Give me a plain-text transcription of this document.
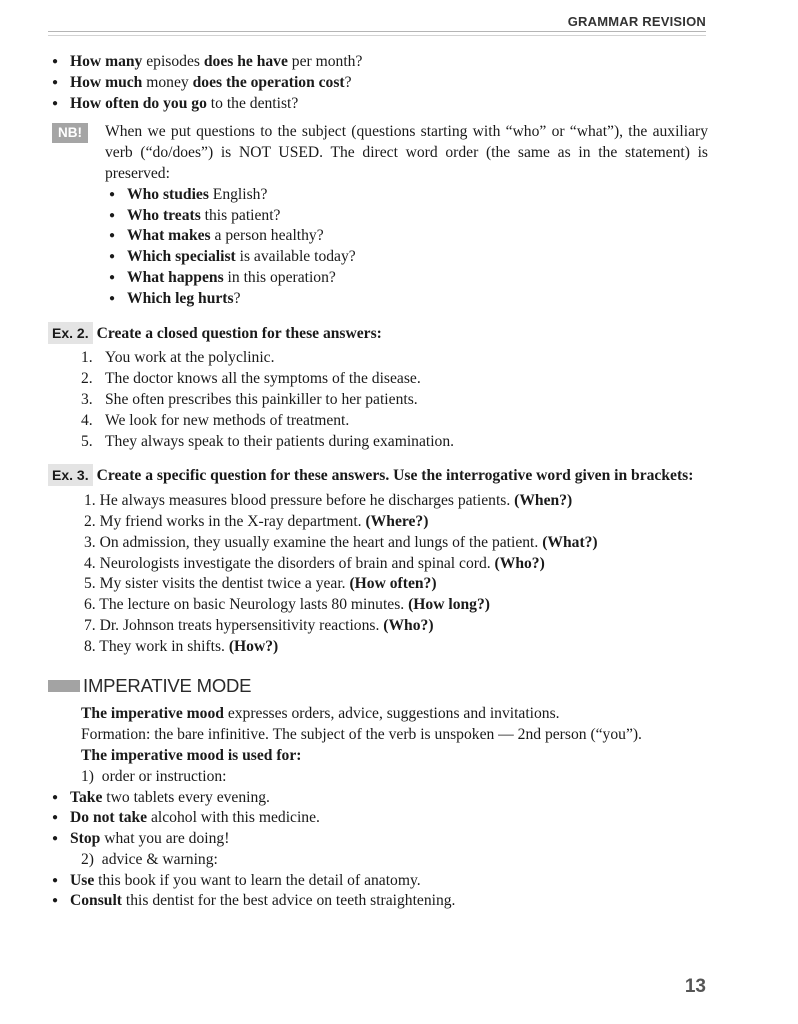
GRAMMAR REVISION
● How many episodes does he have per month?
● How much money does the operation cost?
● How often do you go to the dentist?
NB!	When we put questions to the subject (questions starting with “who” or “what”), the auxiliary verb (“do/does”) is NOT USED. The direct word order (the same as in the statement) is preserved:
● Who studies English?
● Who treats this patient?
● What makes a person healthy?
● Which specialist is available today?
● What happens in this operation?
● Which leg hurts?
Ex. 2. Create a closed question for these answers:
1. You work at the polyclinic.
2. The doctor knows all the symptoms of the disease.
3. She often prescribes this painkiller to her patients.
4. We look for new methods of treatment.
5. They always speak to their patients during examination.
Ex. 3. Create a specific question for these answers. Use the interrogative word given in brackets:
1. He always measures blood pressure before he discharges patients. (When?)
2. My friend works in the X-ray department. (Where?)
3. On admission, they usually examine the heart and lungs of the patient. (What?)
4. Neurologists investigate the disorders of brain and spinal cord. (Who?)
5. My sister visits the dentist twice a year. (How often?)
6. The lecture on basic Neurology lasts 80 minutes. (How long?)
7. Dr. Johnson treats hypersensitivity reactions. (Who?)
8. They work in shifts. (How?)
IMPERATIVE MODE
The imperative mood expresses orders, advice, suggestions and invitations.
Formation: the bare infinitive. The subject of the verb is unspoken — 2nd person (“you”).
The imperative mood is used for:
1)  order or instruction:
● Take two tablets every evening.
● Do not take alcohol with this medicine.
● Stop what you are doing!
2)  advice & warning:
● Use this book if you want to learn the detail of anatomy.
● Consult this dentist for the best advice on teeth straightening.
13
